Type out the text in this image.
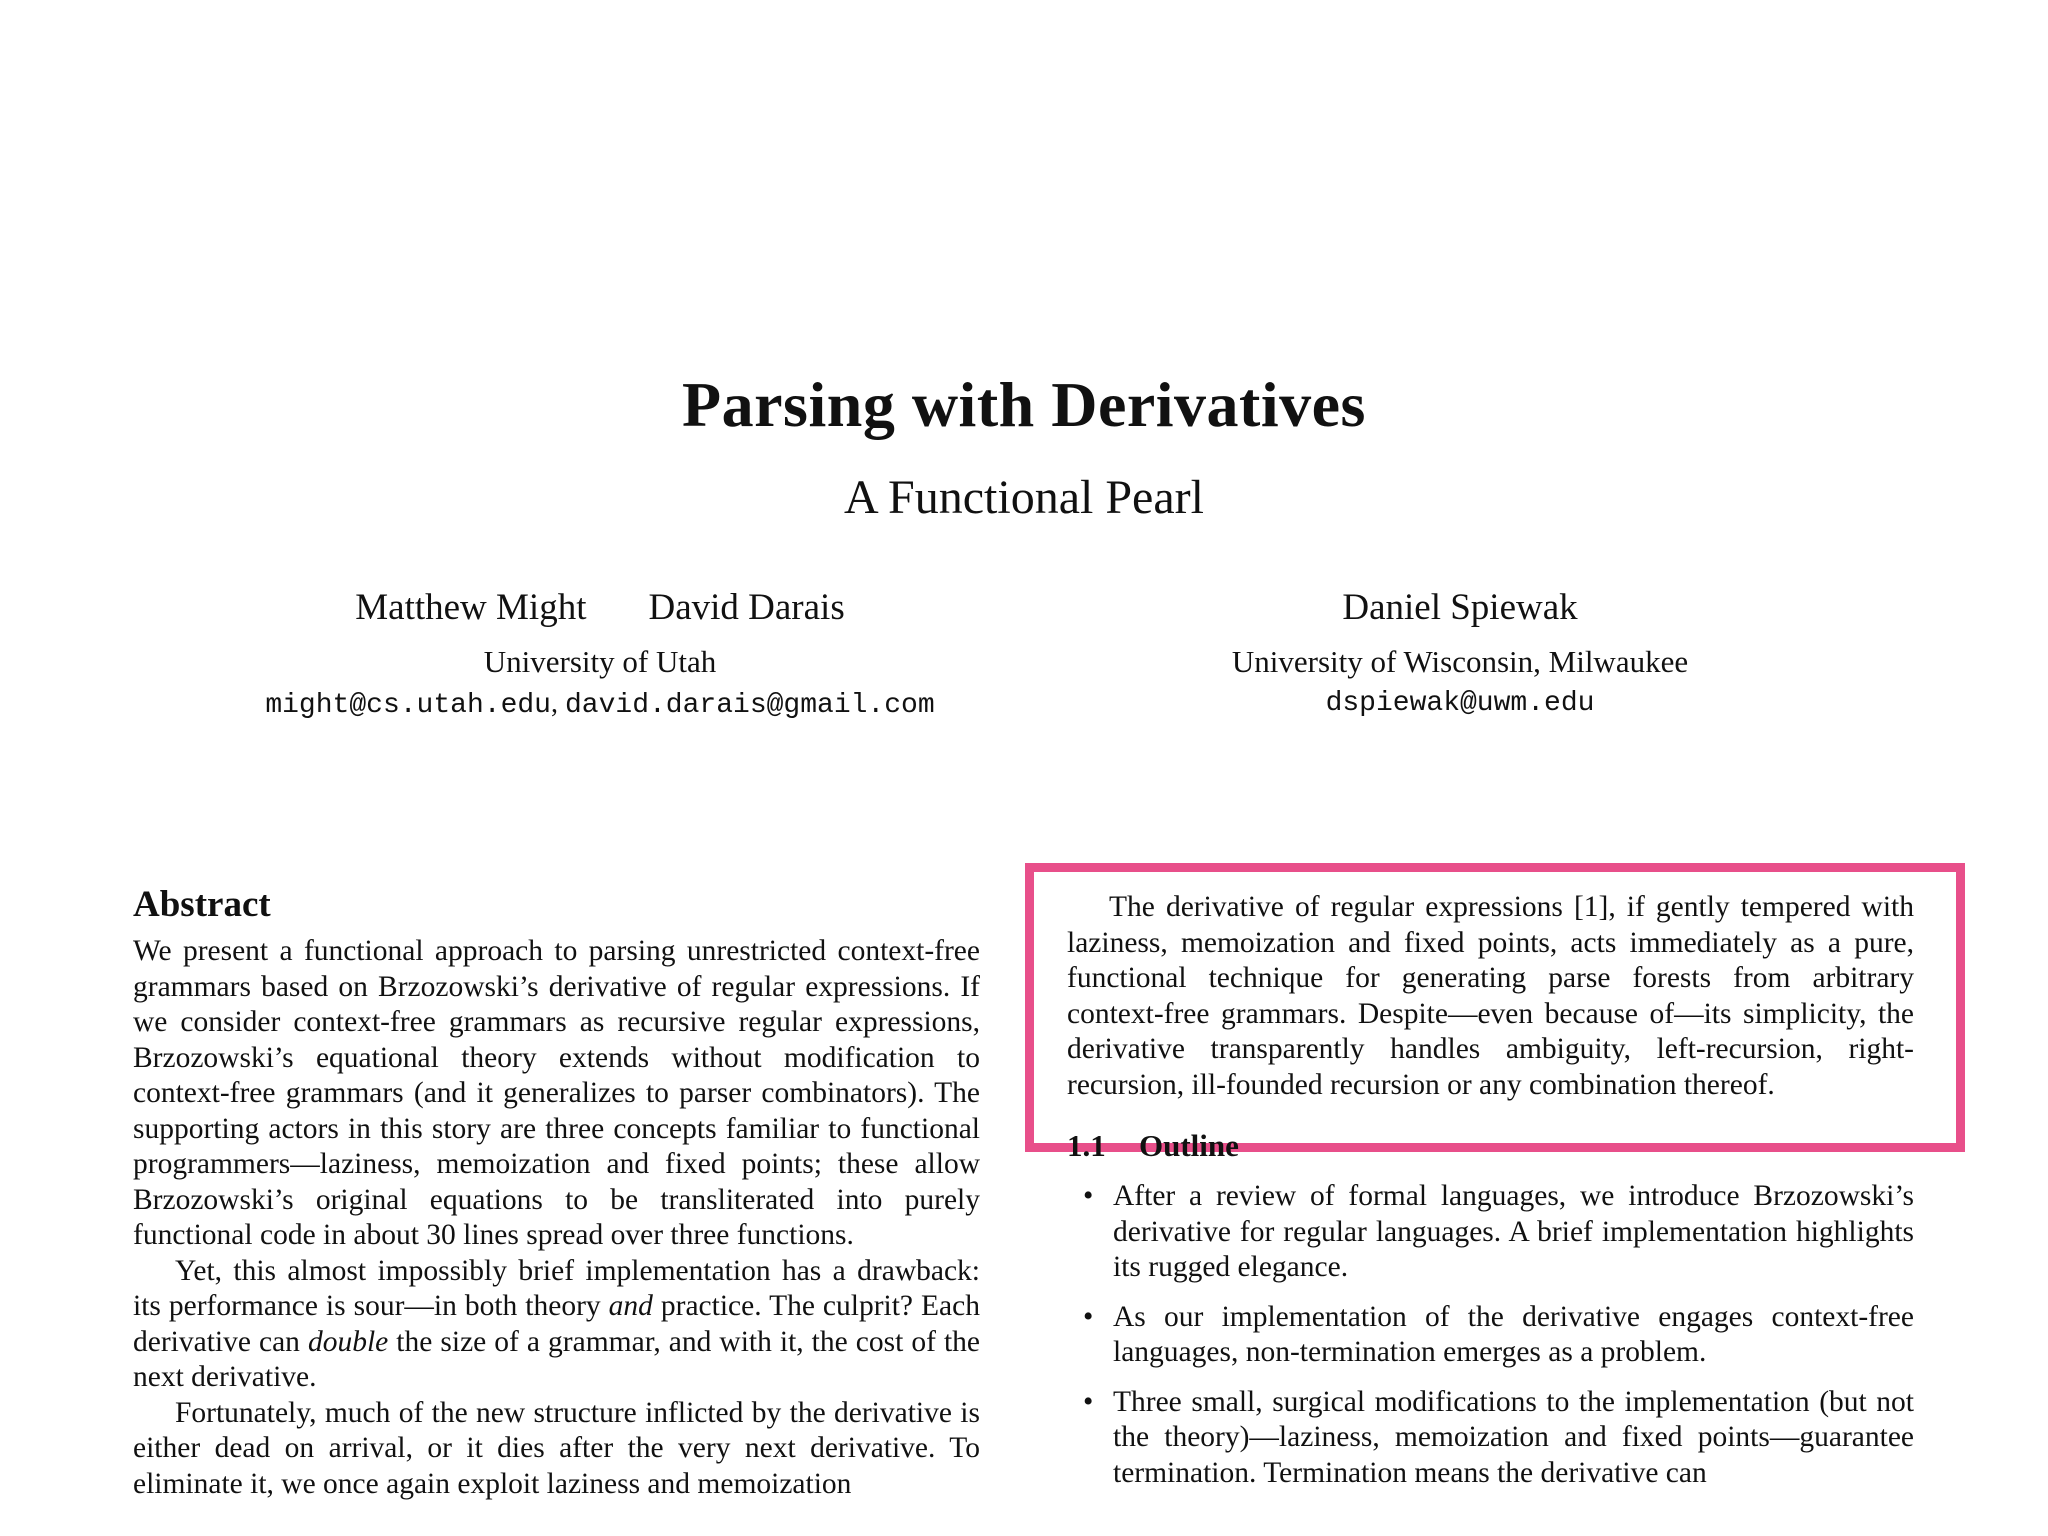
Parsing with Derivatives
A Functional Pearl
Matthew Might David Darais
University of Utah
might@cs.utah.edu, david.darais@gmail.com
Daniel Spiewak
University of Wisconsin, Milwaukee
dspiewak@uwm.edu
Abstract

We present a functional approach to parsing unrestricted context-free grammars based on Brzozowski’s derivative of regular expressions. If we consider context-free grammars as recursive regular expressions, Brzozowski’s equational theory extends without modification to context-free grammars (and it generalizes to parser combinators). The supporting actors in this story are three concepts familiar to functional programmers—laziness, memoization and fixed points; these allow Brzozowski’s original equations to be transliterated into purely functional code in about 30 lines spread over three functions.

Yet, this almost impossibly brief implementation has a drawback: its performance is sour—in both theory and practice. The culprit? Each derivative can double the size of a grammar, and with it, the cost of the next derivative.

Fortunately, much of the new structure inflicted by the derivative is either dead on arrival, or it dies after the very next derivative. To eliminate it, we once again exploit laziness and memoization

The derivative of regular expressions [1], if gently tempered with laziness, memoization and fixed points, acts immediately as a pure, functional technique for generating parse forests from arbitrary context-free grammars. Despite—even because of—its simplicity, the derivative transparently handles ambiguity, left-recursion, right-recursion, ill-founded recursion or any combination thereof.

1.1 Outline
• After a review of formal languages, we introduce Brzozowski’s derivative for regular languages. A brief implementation highlights its rugged elegance.
• As our implementation of the derivative engages context-free languages, non-termination emerges as a problem.
• Three small, surgical modifications to the implementation (but not the theory)—laziness, memoization and fixed points—guarantee termination. Termination means the derivative can
